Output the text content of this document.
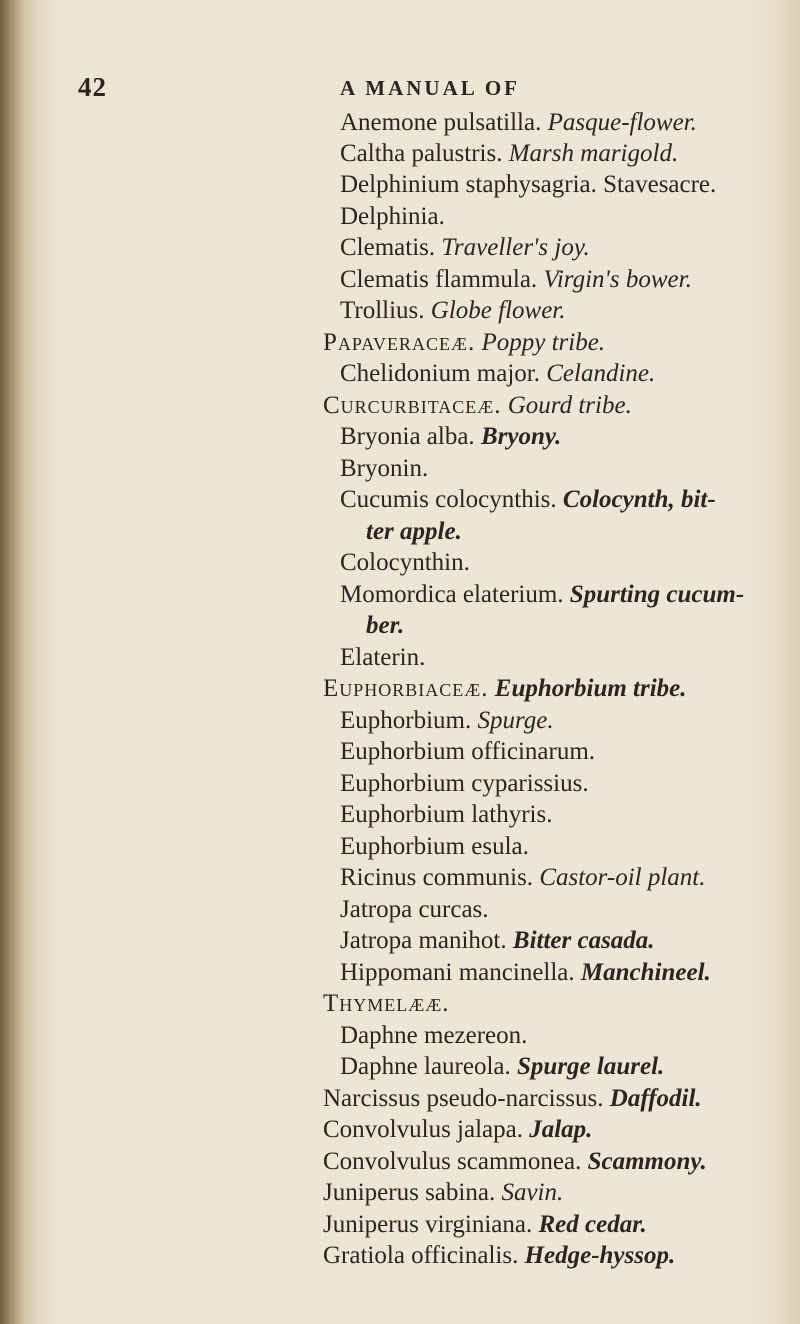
42	A MANUAL OF
Anemone pulsatilla. Pasque-flower.
Caltha palustris. Marsh marigold.
Delphinium staphysagria. Stavesacre.
Delphinia.
Clematis. Traveller's joy.
Clematis flammula. Virgin's bower.
Trollius. Globe flower.
Papaveraceæ. Poppy tribe.
Chelidonium major. Celandine.
Curcurbitaceæ. Gourd tribe.
Bryonia alba. Bryony.
Bryonin.
Cucumis colocynthis. Colocynth, bit-
ter apple.
Colocynthin.
Momordica elaterium. Spurting cucum-
ber.
Elaterin.
Euphorbiaceæ. Euphorbium tribe.
Euphorbium. Spurge.
Euphorbium officinarum.
Euphorbium cyparissius.
Euphorbium lathyris.
Euphorbium esula.
Ricinus communis. Castor-oil plant.
Jatropa curcas.
Jatropa manihot. Bitter casada.
Hippomani mancinella. Manchineel.
Thymelææ.
Daphne mezereon.
Daphne laureola. Spurge laurel.
Narcissus pseudo-narcissus. Daffodil.
Convolvulus jalapa. Jalap.
Convolvulus scammonea. Scammony.
Juniperus sabina. Savin.
Juniperus virginiana. Red cedar.
Gratiola officinalis. Hedge-hyssop.
